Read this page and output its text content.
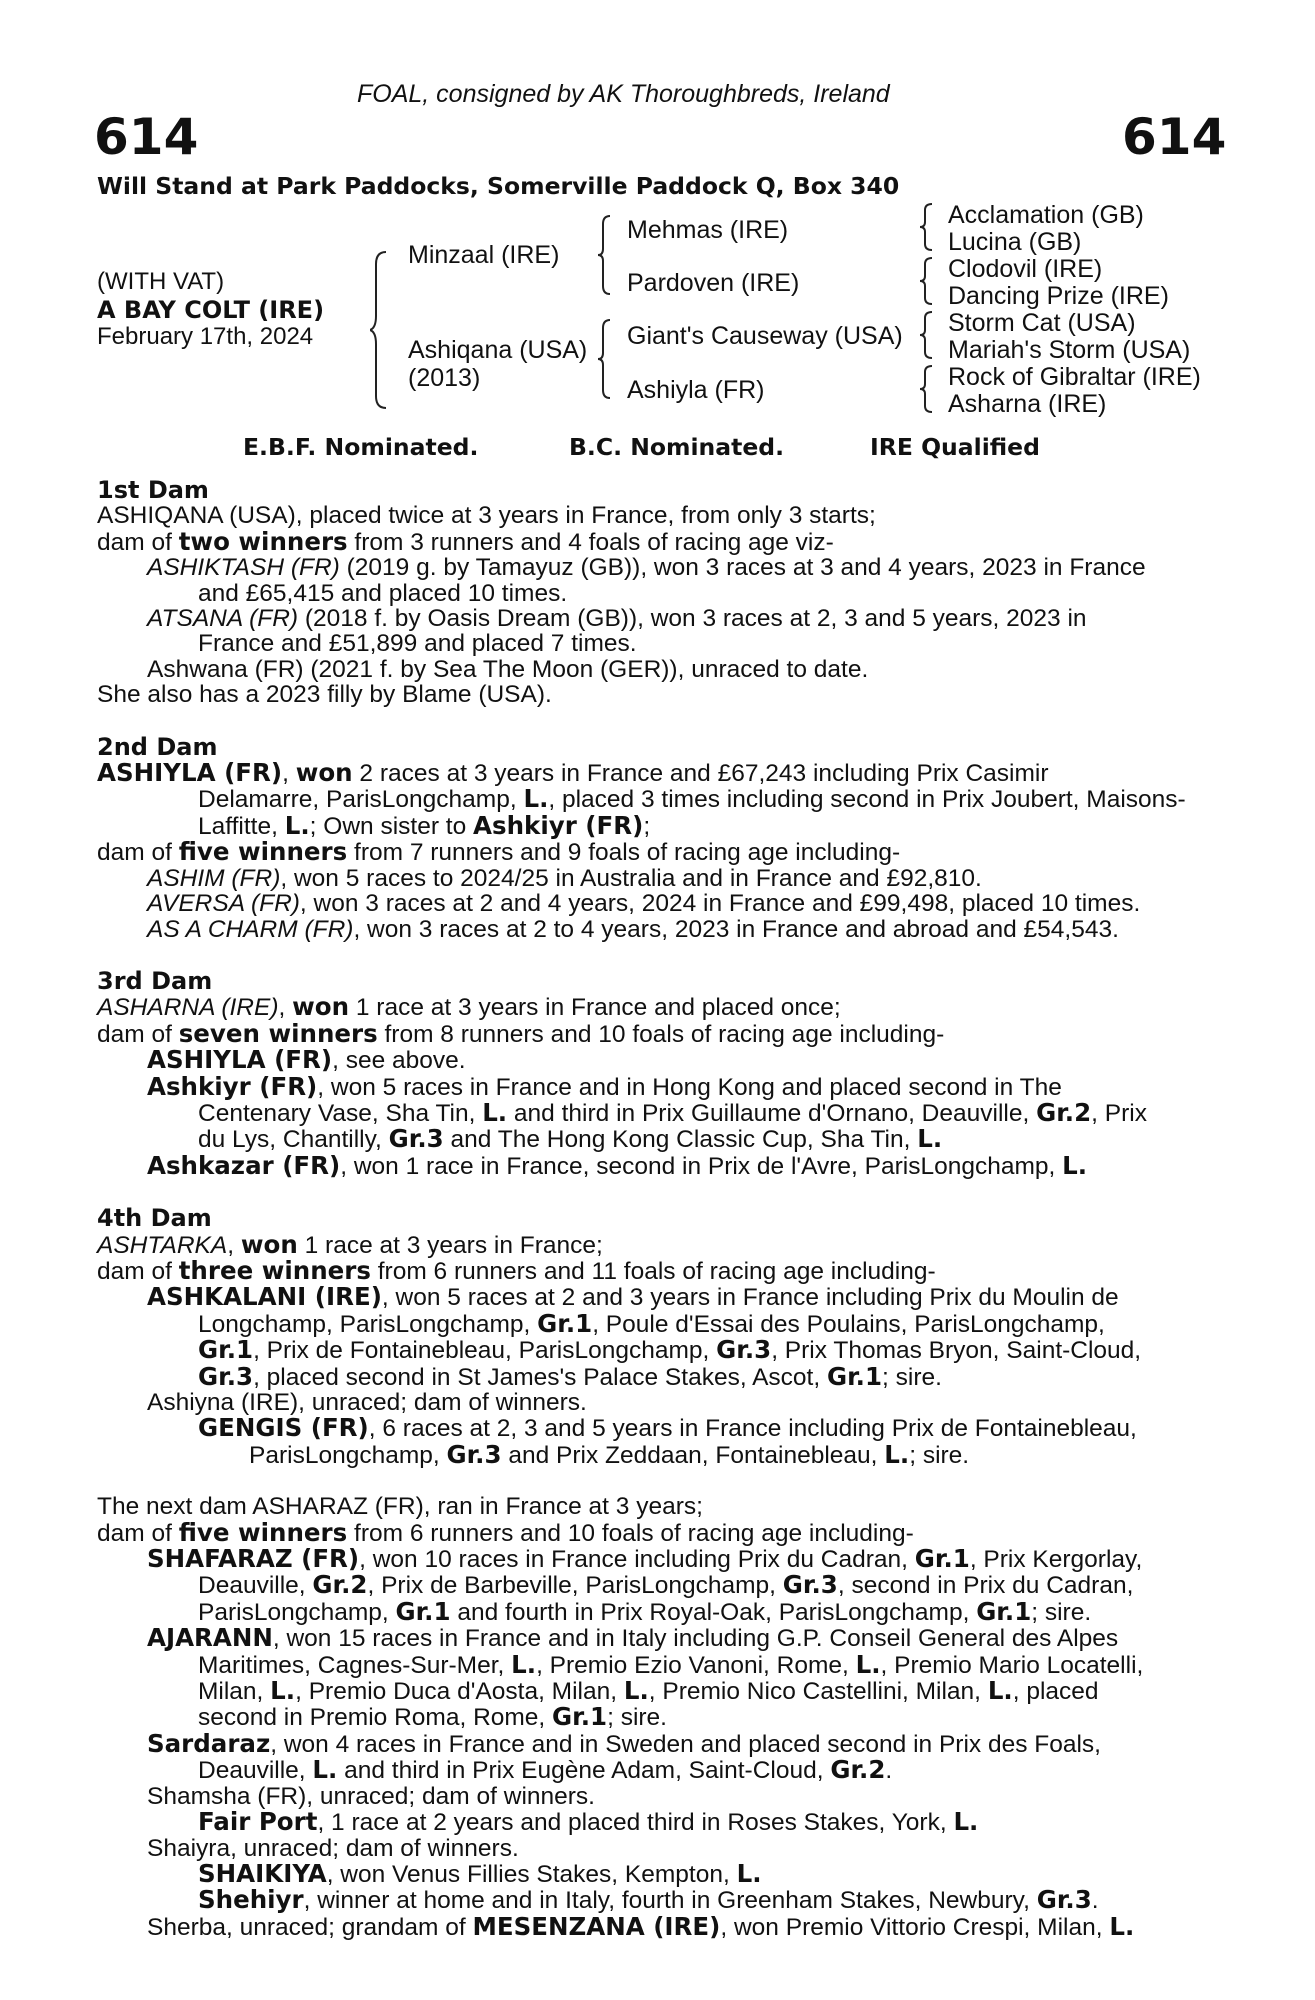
FOAL, consigned by AK Thoroughbreds, Ireland
614	614
Will Stand at Park Paddocks, Somerville Paddock Q, Box 340
(WITH VAT)
A BAY COLT (IRE)
February 17th, 2024
Minzaal (IRE)
Ashiqana (USA)
(2013)
Mehmas (IRE)
Pardoven (IRE)
Giant's Causeway (USA)
Ashiyla (FR)
Acclamation (GB)
Lucina (GB)
Clodovil (IRE)
Dancing Prize (IRE)
Storm Cat (USA)
Mariah's Storm (USA)
Rock of Gibraltar (IRE)
Asharna (IRE)
E.B.F. Nominated.	B.C. Nominated.	IRE Qualified
1st Dam
ASHIQANA (USA), placed twice at 3 years in France, from only 3 starts;
dam of two winners from 3 runners and 4 foals of racing age viz-
ASHIKTASH (FR) (2019 g. by Tamayuz (GB)), won 3 races at 3 and 4 years, 2023 in France
and £65,415 and placed 10 times.
ATSANA (FR) (2018 f. by Oasis Dream (GB)), won 3 races at 2, 3 and 5 years, 2023 in
France and £51,899 and placed 7 times.
Ashwana (FR) (2021 f. by Sea The Moon (GER)), unraced to date.
She also has a 2023 filly by Blame (USA).
2nd Dam
ASHIYLA (FR), won 2 races at 3 years in France and £67,243 including Prix Casimir
Delamarre, ParisLongchamp, L., placed 3 times including second in Prix Joubert, Maisons-
Laffitte, L.; Own sister to Ashkiyr (FR);
dam of five winners from 7 runners and 9 foals of racing age including-
ASHIM (FR), won 5 races to 2024/25 in Australia and in France and £92,810.
AVERSA (FR), won 3 races at 2 and 4 years, 2024 in France and £99,498, placed 10 times.
AS A CHARM (FR), won 3 races at 2 to 4 years, 2023 in France and abroad and £54,543.
3rd Dam
ASHARNA (IRE), won 1 race at 3 years in France and placed once;
dam of seven winners from 8 runners and 10 foals of racing age including-
ASHIYLA (FR), see above.
Ashkiyr (FR), won 5 races in France and in Hong Kong and placed second in The
Centenary Vase, Sha Tin, L. and third in Prix Guillaume d'Ornano, Deauville, Gr.2, Prix
du Lys, Chantilly, Gr.3 and The Hong Kong Classic Cup, Sha Tin, L.
Ashkazar (FR), won 1 race in France, second in Prix de l'Avre, ParisLongchamp, L.
4th Dam
ASHTARKA, won 1 race at 3 years in France;
dam of three winners from 6 runners and 11 foals of racing age including-
ASHKALANI (IRE), won 5 races at 2 and 3 years in France including Prix du Moulin de
Longchamp, ParisLongchamp, Gr.1, Poule d'Essai des Poulains, ParisLongchamp,
Gr.1, Prix de Fontainebleau, ParisLongchamp, Gr.3, Prix Thomas Bryon, Saint-Cloud,
Gr.3, placed second in St James's Palace Stakes, Ascot, Gr.1; sire.
Ashiyna (IRE), unraced; dam of winners.
GENGIS (FR), 6 races at 2, 3 and 5 years in France including Prix de Fontainebleau,
ParisLongchamp, Gr.3 and Prix Zeddaan, Fontainebleau, L.; sire.
The next dam ASHARAZ (FR), ran in France at 3 years;
dam of five winners from 6 runners and 10 foals of racing age including-
SHAFARAZ (FR), won 10 races in France including Prix du Cadran, Gr.1, Prix Kergorlay,
Deauville, Gr.2, Prix de Barbeville, ParisLongchamp, Gr.3, second in Prix du Cadran,
ParisLongchamp, Gr.1 and fourth in Prix Royal-Oak, ParisLongchamp, Gr.1; sire.
AJARANN, won 15 races in France and in Italy including G.P. Conseil General des Alpes
Maritimes, Cagnes-Sur-Mer, L., Premio Ezio Vanoni, Rome, L., Premio Mario Locatelli,
Milan, L., Premio Duca d'Aosta, Milan, L., Premio Nico Castellini, Milan, L., placed
second in Premio Roma, Rome, Gr.1; sire.
Sardaraz, won 4 races in France and in Sweden and placed second in Prix des Foals,
Deauville, L. and third in Prix Eugène Adam, Saint-Cloud, Gr.2.
Shamsha (FR), unraced; dam of winners.
Fair Port, 1 race at 2 years and placed third in Roses Stakes, York, L.
Shaiyra, unraced; dam of winners.
SHAIKIYA, won Venus Fillies Stakes, Kempton, L.
Shehiyr, winner at home and in Italy, fourth in Greenham Stakes, Newbury, Gr.3.
Sherba, unraced; grandam of MESENZANA (IRE), won Premio Vittorio Crespi, Milan, L.
